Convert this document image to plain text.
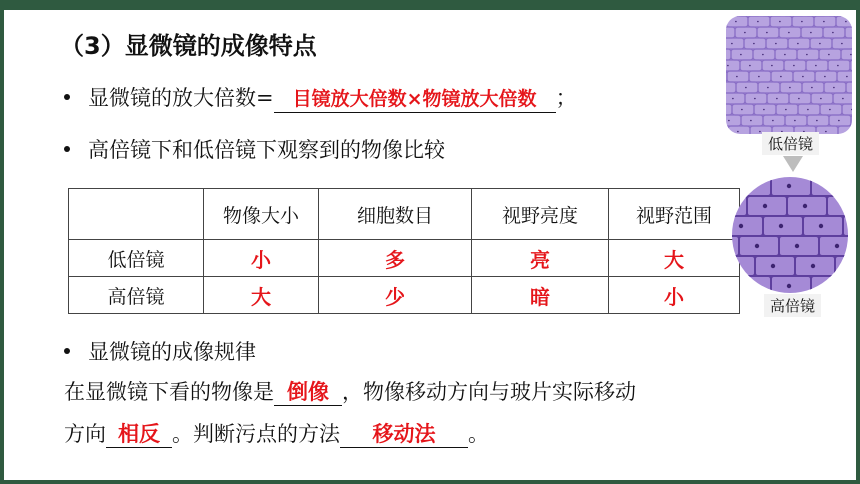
（3）显微镜的成像特点
显微镜的放大倍数= 目镜放大倍数×物镜放大倍数 ；
高倍镜下和低倍镜下观察到的物像比较
	物像大小	细胞数目	视野亮度	视野范围
低倍镜	小	多	亮	大
高倍镜	大	少	暗	小
显微镜的成像规律
在显微镜下看的物像是 倒像 ，物像移动方向与玻片实际移动
方向 相反 。判断污点的方法 移动法 。
低倍镜
高倍镜
